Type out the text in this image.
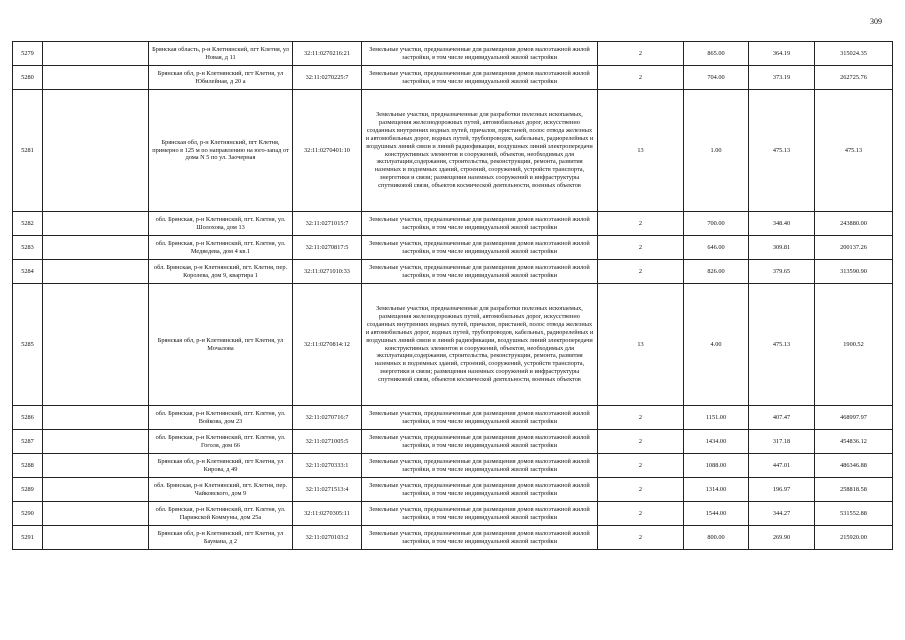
309
5279		Брянская область, р-н Клетнянский, пгт Клетня, ул Новая, д 11	32:11:0270216:21	Земельные участки, предназначенные для размещения домов малоэтажной жилой застройки, в том числе индивидуальной жилой застройки	2	865.00	364.19	315024.35
5280		Брянская обл, р-н Клетнянский, пгт Клетня, ул Юбилейная, д 20 а	32:11:0270225:7	Земельные участки, предназначенные для размещения домов малоэтажной жилой застройки, в том числе индивидуальной жилой застройки	2	704.00	373.19	262725.76
5281		Брянская обл, р-н Клетнянский, пгт Клетня, примерно в 125 м по направлению на юго-запад от дома N 5 по ул. Заочерная	32:11:0270401:10	Земельные участки, предназначенные для разработки полезных ископаемых, размещения железнодорожных путей, автомобильных дорог, искусственно созданных внутренних водных путей, причалов, пристаней, полос отвода железных и автомобильных дорог, водных путей, трубопроводов, кабельных, радиорелейных и воздушных линий связи и линий радиофикации, воздушных линий электропередачи конструктивных элементов и сооружений, объектов, необходимых для эксплуатации,содержания, строительства, реконструкции, ремонта, развития наземных и подземных зданий, строений, сооружений, устройств транспорта, энергетики и связи; размещения наземных сооружений и инфраструктуры спутниковой связи, объектов космической деятельности, военных объектов	13	1.00	475.13	475.13
5282		обл. Брянская, р-н Клетнянский, пгт. Клетня, ул. Шолохова, дом 13	32:11:0271015:7	Земельные участки, предназначенные для размещения домов малоэтажной жилой застройки, в том числе индивидуальной жилой застройки	2	700.00	348.40	243880.00
5283		обл. Брянская, р-н Клетнянский, пгт. Клетня, ул. Медведева, дом 4 кв.1	32:11:0270817:5	Земельные участки, предназначенные для размещения домов малоэтажной жилой застройки, в том числе индивидуальной жилой застройки	2	646.00	309.81	200137.26
5284		обл. Брянская, р-н Клетнянский, пгт. Клетня, пер. Королева, дом 9, квартира 1	32:11:0271010:33	Земельные участки, предназначенные для размещения домов малоэтажной жилой застройки, в том числе индивидуальной жилой застройки	2	826.00	379.65	313590.90
5285		Брянская обл, р-н Клетнянский, пгт Клетня, ул Мочалова	32:11:0270814:12	Земельные участки, предназначенные для разработки полезных ископаемых, размещения железнодорожных путей, автомобильных дорог, искусственно созданных внутренних водных путей, причалов, пристаней, полос отвода железных и автомобильных дорог, водных путей, трубопроводов, кабельных, радиорелейных и воздушных линий связи и линий радиофикации, воздушных линий электропередачи конструктивных элементов и сооружений, объектов, необходимых для эксплуатации,содержания, строительства, реконструкции, ремонта, развития наземных и подземных зданий, строений, сооружений, устройств транспорта, энергетики и связи; размещения наземных сооружений и инфраструктуры спутниковой связи, объектов космической деятельности, военных объектов	13	4.00	475.13	1900.52
5286		обл. Брянская, р-н Клетнянский, пгт. Клетня, ул. Войкова, дом 23	32:11:0270716:7	Земельные участки, предназначенные для размещения домов малоэтажной жилой застройки, в том числе индивидуальной жилой застройки	2	1151.00	407.47	468997.97
5287		обл. Брянская, р-н Клетнянский, пгт. Клетня, ул. Гоголя, дом 66	32:11:0271005:5	Земельные участки, предназначенные для размещения домов малоэтажной жилой застройки, в том числе индивидуальной жилой застройки	2	1434.00	317.18	454836.12
5288		Брянская обл, р-н Клетнянский, пгт Клетня, ул Кирова, д 49	32:11:0270333:1	Земельные участки, предназначенные для размещения домов малоэтажной жилой застройки, в том числе индивидуальной жилой застройки	2	1088.00	447.01	486346.88
5289		обл. Брянская, р-н Клетнянский, пгт. Клетня, пер. Чайковского, дом 9	32:11:0271513:4	Земельные участки, предназначенные для размещения домов малоэтажной жилой застройки, в том числе индивидуальной жилой застройки	2	1314.00	196.97	258818.58
5290		обл. Брянская, р-н Клетнянский, пгт. Клетня, ул. Парижской Коммуны, дом 25а	32:11:0270305:11	Земельные участки, предназначенные для размещения домов малоэтажной жилой застройки, в том числе индивидуальной жилой застройки	2	1544.00	344.27	531552.88
5291		Брянская обл, р-н Клетнянский, пгт Клетня, ул Баумана, д 2	32:11:0270103:2	Земельные участки, предназначенные для размещения домов малоэтажной жилой застройки, в том числе индивидуальной жилой застройки	2	800.00	269.90	215920.00
